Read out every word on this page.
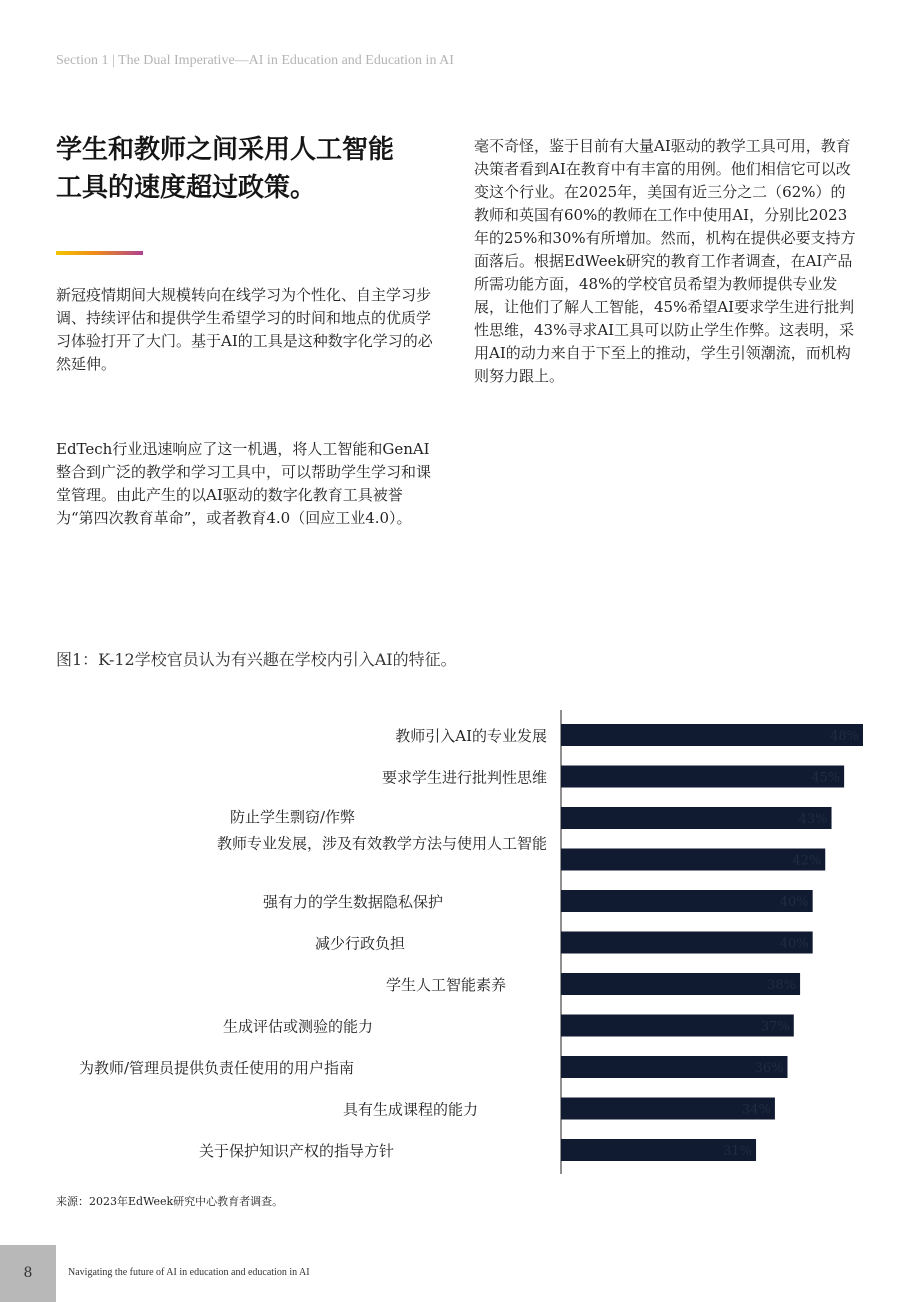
Section 1 | The Dual Imperative—AI in Education and Education in AI
学生和教师之间采用人工智能工具的速度超过政策。

新冠疫情期间大规模转向在线学习为个性化、自主学习步调、持续评估和提供学生希望学习的时间和地点的优质学习体验打开了大门。基于AI的工具是这种数字化学习的必然延伸。

EdTech行业迅速响应了这一机遇，将人工智能和GenAI整合到广泛的教学和学习工具中，可以帮助学生学习和课堂管理。由此产生的以AI驱动的数字化教育工具被誉为“第四次教育革命”，或者教育4.0（回应工业4.0）。

毫不奇怪，鉴于目前有大量AI驱动的教学工具可用，教育决策者看到AI在教育中有丰富的用例。他们相信它可以改变这个行业。在2025年，美国有近三分之二（62%）的教师和英国有60%的教师在工作中使用AI，分别比2023年的25%和30%有所增加。然而，机构在提供必要支持方面落后。根据EdWeek研究的教育工作者调查，在AI产品所需功能方面，48%的学校官员希望为教师提供专业发展，让他们了解人工智能，45%希望AI要求学生进行批判性思维，43%寻求AI工具可以防止学生作弊。这表明，采用AI的动力来自于下至上的推动，学生引领潮流，而机构则努力跟上。

图1：K-12学校官员认为有兴趣在学校内引入AI的特征。
48%
教师引入AI的专业发展
45%
要求学生进行批判性思维
43%
防止学生剽窃/作弊
42%
教师专业发展，涉及有效教学方法与使用人工智能
40%
强有力的学生数据隐私保护
40%
减少行政负担
38%
学生人工智能素养
37%
生成评估或测验的能力
36%
为教师/管理员提供负责任使用的用户指南
34%
具有生成课程的能力
31%
关于保护知识产权的指导方针
来源：2023年EdWeek研究中心教育者调查。
8	Navigating the future of AI in education and education in AI
